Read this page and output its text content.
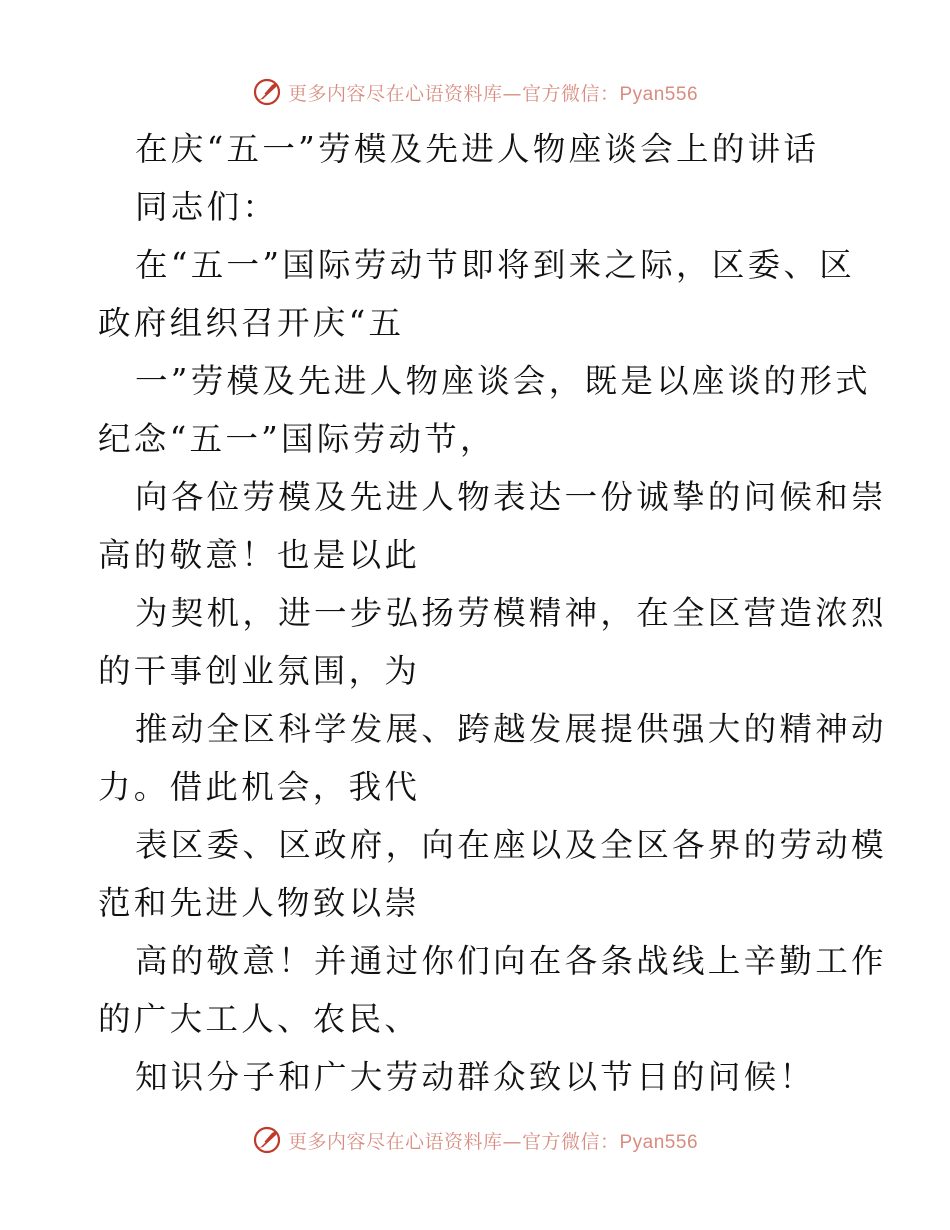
更多内容尽在心语资料库—官方微信：Pyan556
在庆“五一”劳模及先进人物座谈会上的讲话
同志们：
在“五一”国际劳动节即将到来之际，区委、区
政府组织召开庆“五
一”劳模及先进人物座谈会，既是以座谈的形式
纪念“五一”国际劳动节，
向各位劳模及先进人物表达一份诚挚的问候和崇
高的敬意！也是以此
为契机，进一步弘扬劳模精神，在全区营造浓烈
的干事创业氛围，为
推动全区科学发展、跨越发展提供强大的精神动
力。借此机会，我代
表区委、区政府，向在座以及全区各界的劳动模
范和先进人物致以崇
高的敬意！并通过你们向在各条战线上辛勤工作
的广大工人、农民、
知识分子和广大劳动群众致以节日的问候！
更多内容尽在心语资料库—官方微信：Pyan556
